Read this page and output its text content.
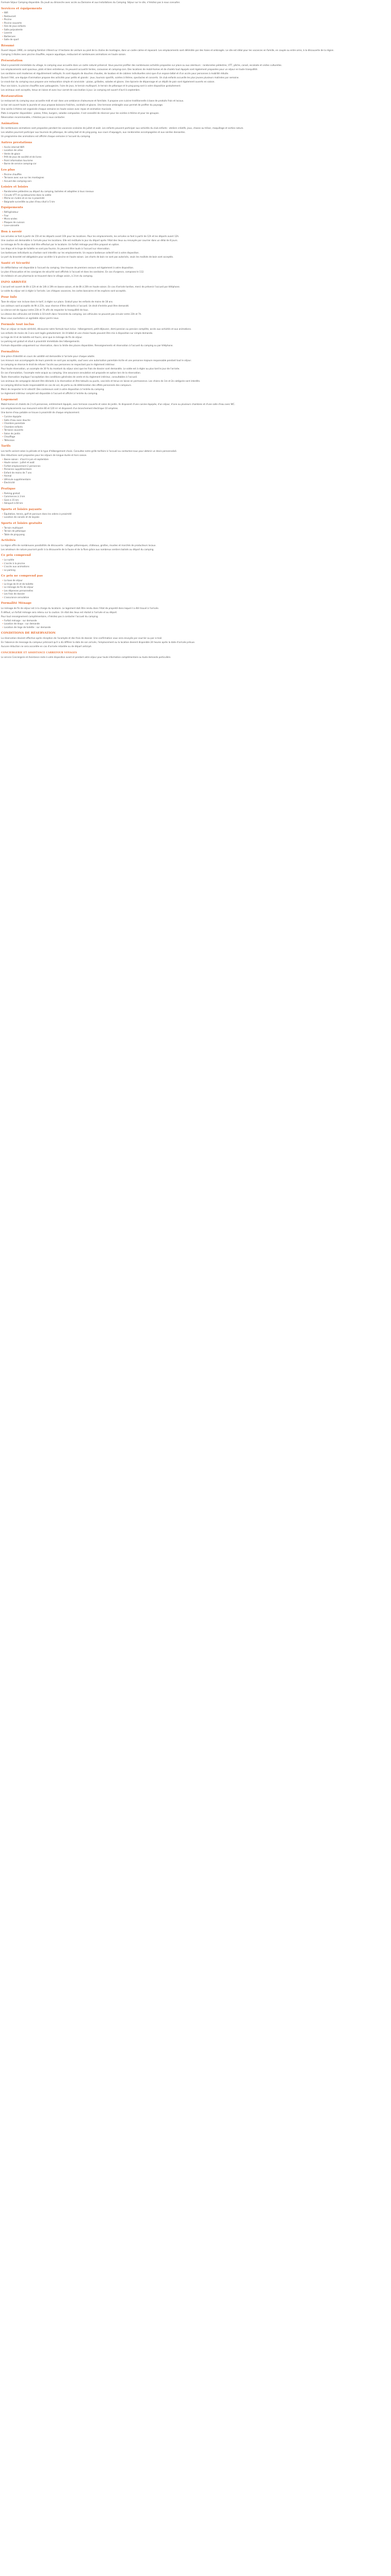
Formule Séjour Camping disponible. Du jeudi au dimanche avec accès au Domaine et aux Installations du Camping. Séjour sur le site, n'hésitez pas à nous consulter.
Services et équipements
• Wifi
• Restaurant
• Piscine
• Piscine couverte
• Aire de jeux enfants
• Salle polyvalente
• Laverie
• Barbecues
• Salle de sport
Résumé
Ouvert depuis 1990, ce camping familial s'étend sur 4 hectares de verdure au pied de la chaîne de montagne, dans un cadre calme et reposant. Les emplacements sont délimités par des haies et ombragés. Le site est idéal pour les vacances en famille, en couple ou entre amis, à la découverte de la région.
Camping 3 étoiles avec piscine chauffée, espace aquatique, restaurant et nombreuses animations en haute saison.
Présentation
Situé à proximité immédiate du village, le camping vous accueille dans un cadre naturel préservé. Vous pourrez profiter des nombreuses activités proposées sur place ou aux alentours : randonnées pédestres, VTT, pêche, canoë, escalade et visites culturelles.
Les emplacements sont spacieux, plats et bien entretenus. Ils peuvent accueillir tentes, caravanes et camping-cars. Des locations de mobil-homes et de chalets tout équipés sont également proposées pour un séjour en toute tranquillité.
Les sanitaires sont modernes et régulièrement nettoyés. Ils sont équipés de douches chaudes, de lavabos et de cabines individuelles ainsi que d'un espace bébé et d'un accès pour personnes à mobilité réduite.
Durant l'été, une équipe d'animation propose des activités pour petits et grands : jeux, tournois sportifs, soirées à thème, spectacles et concerts. Un club enfants accueille les plus jeunes plusieurs matinées par semaine.
Le snack-bar du camping vous propose une restauration simple et conviviale : pizzas, grillades, salades et glaces. Une épicerie de dépannage et un dépôt de pain sont également ouverts en saison.
Pour vos loisirs, la piscine chauffée avec pataugeoire, l'aire de jeux, le terrain multisport, le terrain de pétanque et le ping-pong sont à votre disposition gratuitement.
Les animaux sont acceptés, tenus en laisse et avec leur carnet de vaccination à jour. Le camping est ouvert d'avril à septembre.
Restauration
Le restaurant du camping vous accueille midi et soir dans une ambiance chaleureuse et familiale. Il propose une cuisine traditionnelle à base de produits frais et locaux.
Le bar est ouvert toute la journée et vous propose boissons fraîches, cocktails et glaces. Une terrasse ombragée vous permet de profiter du paysage.
Une soirée à thème est organisée chaque semaine en haute saison avec repas et animation musicale.
Plats à emporter disponibles : pizzas, frites, burgers, salades composées. Il est conseillé de réserver pour les soirées à thème et pour les groupes.
Réservation recommandée, n'hésitez pas à nous contacter.
Animation
De nombreuses animations sont proposées pendant les vacances scolaires de juillet et août. Les enfants peuvent participer aux activités du club enfants : ateliers créatifs, jeux, chasse au trésor, maquillage et sorties nature.
Les adultes pourront participer aux tournois de pétanque, de volley-ball et de ping-pong, aux cours d'aquagym, aux randonnées accompagnées et aux soirées dansantes.
Un programme des animations est affiché chaque semaine à l'accueil du camping.
Autres prestations
• Accès internet Wifi
• Location de vélos
• Vente de glace
• Prêt de jeux de société et de livres
• Point information tourisme
• Borne de service camping-car
Les plus
• Piscine chauffée
• Terrasse avec vue sur les montagnes
• Accueil des camping-cars
Loisirs et loisirs
• Randonnées pédestres au départ du camping, balisées et adaptées à tous niveaux
• Circuits VTT et cyclotourisme dans la vallée
• Pêche en rivière et en lac à proximité
• Baignade surveillée au plan d'eau situé à 5 km
Equipements
• Réfrigérateur
• Four
• Micro-ondes
• Plaques de cuisson
• Lave-vaisselle
Bon à savoir
Les arrivées se font à partir de 15h et les départs avant 10h pour les locations. Pour les emplacements, les arrivées se font à partir de 12h et les départs avant 12h.
Une caution est demandée à l'arrivée pour les locations. Elle est restituée le jour du départ après l'état des lieux ou renvoyée par courrier dans un délai de 8 jours.
Le ménage de fin de séjour doit être effectué par le locataire. Un forfait ménage peut être proposé en option.
Les draps et le linge de toilette ne sont pas fournis. Ils peuvent être loués à l'accueil sur réservation.
Les barbecues individuels au charbon sont interdits sur les emplacements. Un espace barbecue collectif est à votre disposition.
Le port du bracelet est obligatoire pour accéder à la piscine en haute saison. Les shorts de bain ne sont pas autorisés, seuls les maillots de bain sont acceptés.
Santé et Sécurité
Un défibrillateur est disponible à l'accueil du camping. Une trousse de premiers secours est également à votre disposition.
Le plan d'évacuation et les consignes de sécurité sont affichés à l'accueil et dans les sanitaires. En cas d'urgence, composez le 112.
Un médecin et une pharmacie se trouvent dans le village voisin, à 3 km du camping.
INFO ARRIVÉE
L'accueil est ouvert de 8h à 12h et de 14h à 19h en basse saison, et de 8h à 20h en haute saison. En cas d'arrivée tardive, merci de prévenir l'accueil par téléphone.
Le solde du séjour est à régler à l'arrivée. Les chèques vacances, les cartes bancaires et les espèces sont acceptés.
Pour Info
Taxe de séjour non incluse dans le tarif, à régler sur place. Gratuit pour les enfants de moins de 18 ans.
Les visiteurs sont acceptés de 9h à 21h, sous réserve d'être déclarés à l'accueil. Un droit d'entrée peut être demandé.
Le silence est de rigueur entre 23h et 7h afin de respecter la tranquillité de tous.
La vitesse des véhicules est limitée à 10 km/h dans l'enceinte du camping. Les véhicules ne peuvent pas circuler entre 23h et 7h.
Nous vous souhaitons un agréable séjour parmi nous.
Formule tout inclus
Pour un séjour en toute sérénité, découvrez notre formule tout inclus : hébergement, petit-déjeuner, demi-pension ou pension complète, accès aux activités et aux animations.
Les enfants de moins de 3 ans sont logés gratuitement. Un lit bébé et une chaise haute peuvent être mis à disposition sur simple demande.
Le linge de lit et de toilette est fourni, ainsi que le ménage de fin de séjour.
Le parking est gratuit et situé à proximité immédiate des hébergements.
Formule disponible uniquement sur réservation, dans la limite des places disponibles. Renseignements et réservation à l'accueil du camping ou par téléphone.
Formalités
Une pièce d'identité en cours de validité est demandée à l'arrivée pour chaque adulte.
Les mineurs non accompagnés de leurs parents ne sont pas acceptés, sauf avec une autorisation parentale écrite et une personne majeure responsable pendant tout le séjour.
Le camping se réserve le droit de refuser l'accès aux personnes ne respectant pas le règlement intérieur.
Pour toute réservation, un acompte de 30 % du montant du séjour ainsi que les frais de dossier sont demandés. Le solde est à régler au plus tard le jour de l'arrivée.
En cas d'annulation, l'acompte reste acquis au camping. Une assurance annulation est proposée en option lors de la réservation.
Toute réservation implique l'acceptation des conditions générales de vente et du règlement intérieur, consultables à l'accueil.
Les animaux de compagnie doivent être déclarés à la réservation et être tatoués ou pucés, vaccinés et tenus en laisse en permanence. Les chiens de 1re et 2e catégorie sont interdits.
Le camping décline toute responsabilité en cas de vol, de perte ou de détérioration des effets personnels des campeurs.
Merci de respecter le tri sélectif. Des conteneurs sont à votre disposition à l'entrée du camping.
Le règlement intérieur complet est disponible à l'accueil et affiché à l'entrée du camping.
Logement
Mobil-homes et chalets de 2 à 6 personnes, entièrement équipés, avec terrasse couverte et salon de jardin. Ils disposent d'une cuisine équipée, d'un séjour, d'une ou plusieurs chambres et d'une salle d'eau avec WC.
Les emplacements nus mesurent entre 80 et 120 m² et disposent d'un branchement électrique 10 ampères.
Une borne d'eau potable se trouve à proximité de chaque emplacement.
• Cuisine équipée
• Salle d'eau avec douche
• Chambre parentale
• Chambre enfants
• Terrasse couverte
• Salon de jardin
• Chauffage
• Télévision
Tarifs
Les tarifs varient selon la période et le type d'hébergement choisi. Consultez notre grille tarifaire à l'accueil ou contactez-nous pour obtenir un devis personnalisé.
Des réductions sont proposées pour les séjours de longue durée et hors saison.
• Basse saison : d'avril à juin et septembre
• Haute saison : juillet et août
• Forfait emplacement 2 personnes
• Personne supplémentaire
• Enfant de moins de 7 ans
• Animal
• Véhicule supplémentaire
• Électricité
Pratique
• Parking gratuit
• Commerces à 3 km
• Gare à 15 km
• Aéroport à 60 km
Sports et loisirs payants
• Équitation, tennis, golf et parcours dans les arbres à proximité
• Location de canoës et de kayaks
Sports et loisirs gratuits
• Terrain multisport
• Terrain de pétanque
• Table de ping-pong
Activités
La région offre de nombreuses possibilités de découverte : villages pittoresques, châteaux, grottes, musées et marchés de producteurs locaux.
Les amateurs de nature pourront partir à la découverte de la faune et de la flore grâce aux nombreux sentiers balisés au départ du camping.
Ce prix comprend
• La nuitée
• L'accès à la piscine
• L'accès aux animations
• Le parking
Ce prix ne comprend pas
• La taxe de séjour
• Le linge de lit et de toilette
• Le ménage de fin de séjour
• Les dépenses personnelles
• Les frais de dossier
• L'assurance annulation
Formalité Ménage
Le ménage de fin de séjour est à la charge du locataire. Le logement doit être rendu dans l'état de propreté dans lequel il a été trouvé à l'arrivée.
À défaut, un forfait ménage sera retenu sur la caution. Un état des lieux est réalisé à l'arrivée et au départ.
Pour tout renseignement complémentaire, n'hésitez pas à contacter l'accueil du camping.
• Forfait ménage : sur demande
• Location de draps : sur demande
• Location de linge de toilette : sur demande
CONDITIONS DE RÉSERVATION
La réservation devient effective après réception de l'acompte et des frais de dossier. Une confirmation vous sera envoyée par courrier ou par e-mail.
En l'absence de message du campeur précisant qu'il a dû différer la date de son arrivée, l'emplacement ou la location devient disponible 24 heures après la date d'arrivée prévue.
Aucune réduction ne sera accordée en cas d'arrivée retardée ou de départ anticipé.
CONCIERGERIE ET ASSISTANCE CARREFOUR VOYAGES
Le service Conciergerie et Assistance reste à votre disposition avant et pendant votre séjour pour toute information complémentaire ou toute demande particulière.
